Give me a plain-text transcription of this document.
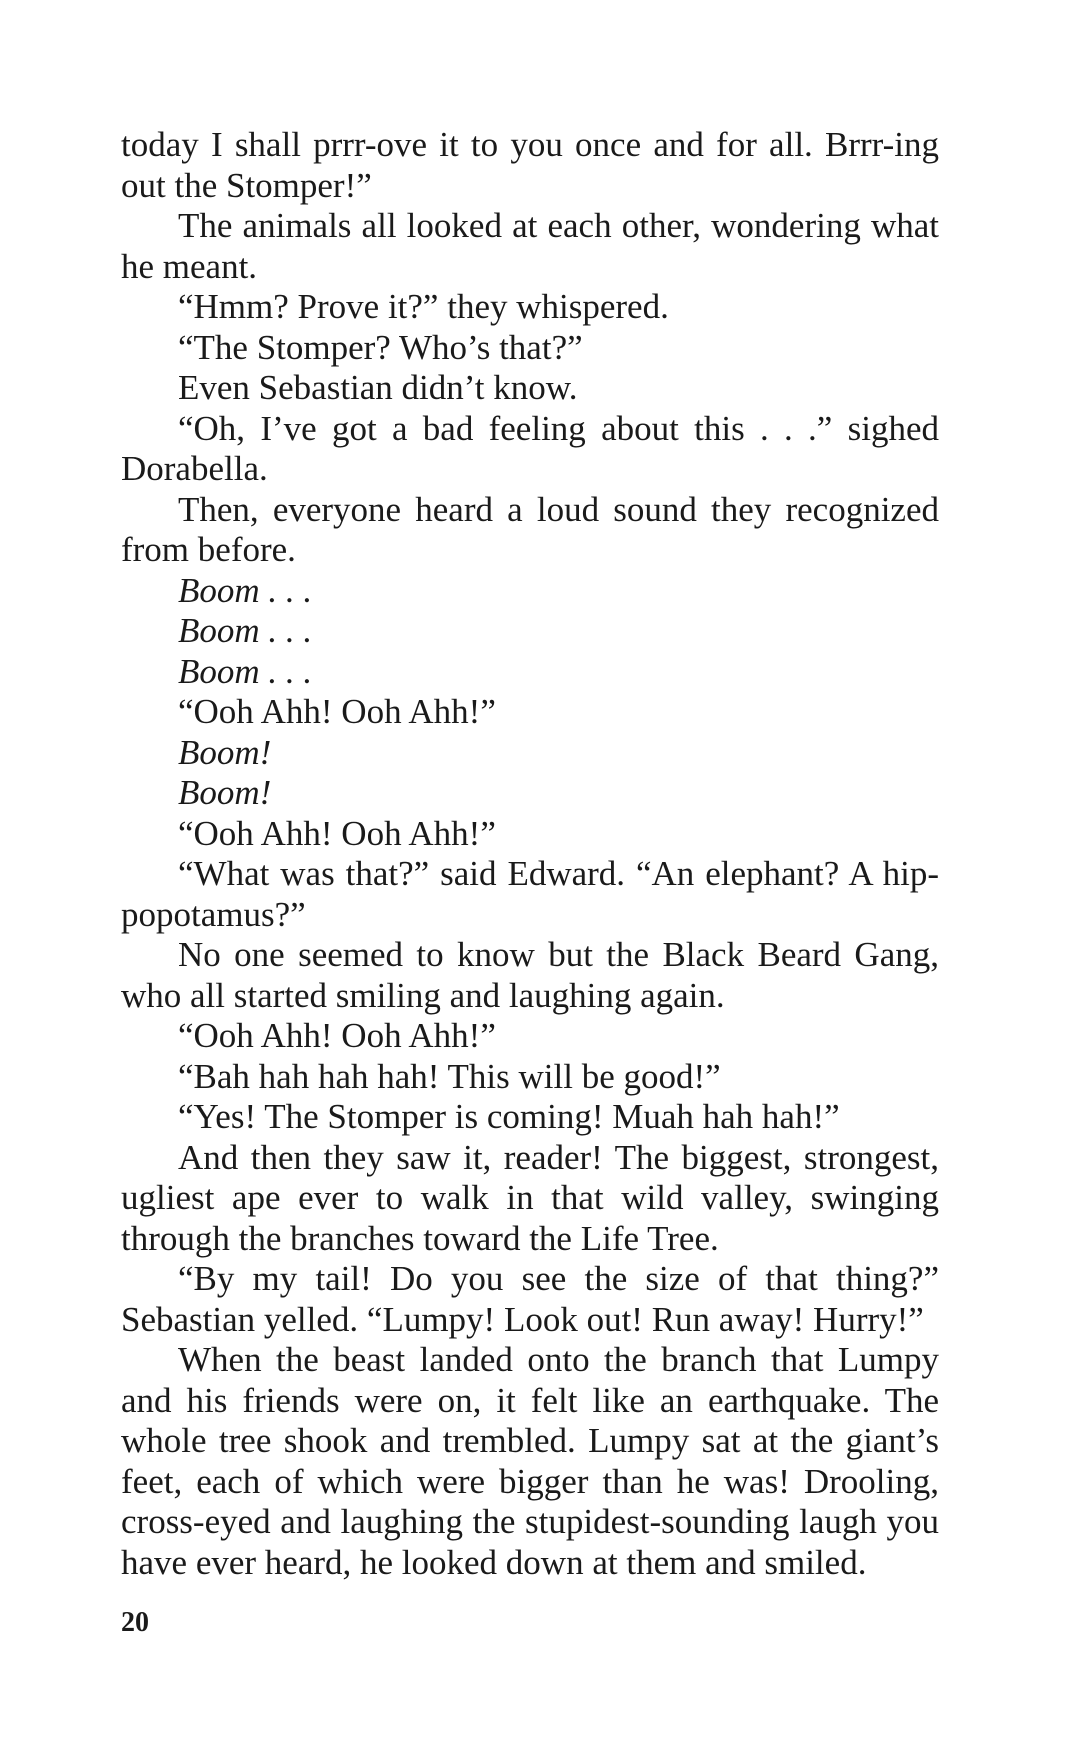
today I shall prrr-ove it to you once and for all. Brrr-ing out the Stomper!”

The animals all looked at each other, wondering what he meant.

“Hmm? Prove it?” they whispered.

“The Stomper? Who’s that?”

Even Sebastian didn’t know.

“Oh, I’ve got a bad feeling about this . . .” sighed Dorabella.

Then, everyone heard a loud sound they recognized from before.

Boom . . .

Boom . . .

Boom . . .

“Ooh Ahh! Ooh Ahh!”

Boom!

Boom!

“Ooh Ahh! Ooh Ahh!”

“What was that?” said Edward. “An elephant? A hippopotamus?”

No one seemed to know but the Black Beard Gang, who all started smiling and laughing again.

“Ooh Ahh! Ooh Ahh!”

“Bah hah hah hah! This will be good!”

“Yes! The Stomper is coming! Muah hah hah!”

And then they saw it, reader! The biggest, strongest, ugliest ape ever to walk in that wild valley, swinging through the branches toward the Life Tree.

“By my tail! Do you see the size of that thing?” Sebastian yelled. “Lumpy! Look out! Run away! Hurry!”

When the beast landed onto the branch that Lumpy and his friends were on, it felt like an earthquake. The whole tree shook and trembled. Lumpy sat at the giant’s feet, each of which were bigger than he was! Drooling, cross-eyed and laughing the stupidest-sounding laugh you have ever heard, he looked down at them and smiled.

20
